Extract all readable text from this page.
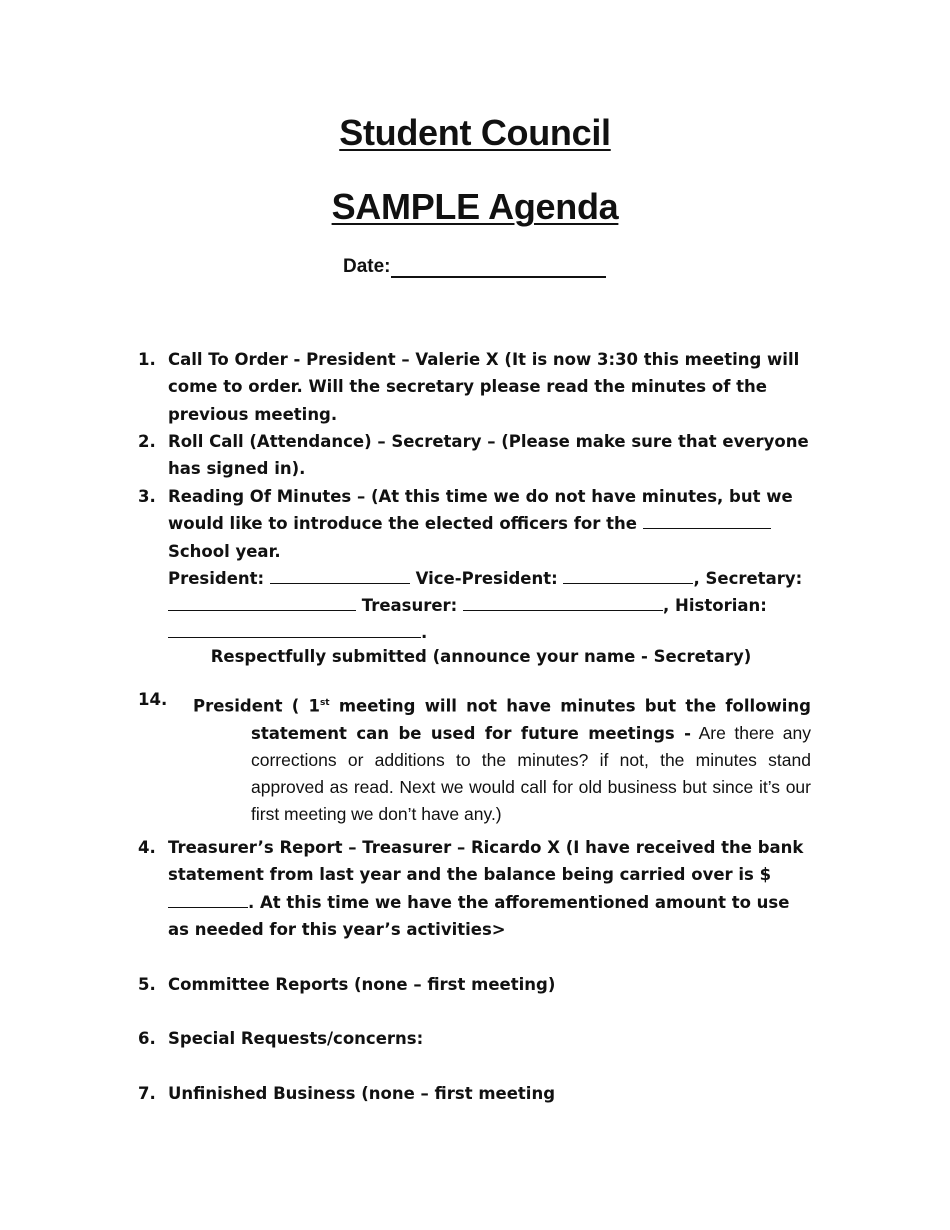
Student Council
SAMPLE Agenda
Date:
1. Call To Order - President – Valerie X (It is now 3:30 this meeting will come to order. Will the secretary please read the minutes of the previous meeting.
2. Roll Call (Attendance) – Secretary – (Please make sure that everyone has signed in).
3. Reading Of Minutes – (At this time we do not have minutes, but we would like to introduce the elected officers for the
School year.
President:	Vice-President:	, Secretary:
Treasurer:	, Historian:
.
Respectfully submitted (announce your name - Secretary)
14. President ( 1st meeting will not have minutes but the following
statement can be used for future meetings - Are there any corrections or additions to the minutes? if not, the minutes stand approved as read. Next we would call for old business but since it’s our first meeting we don’t have any.)
4. Treasurer’s Report – Treasurer – Ricardo X (I have received the bank statement from last year and the balance being carried over is $. At this time we have the afforementioned amount to use as needed for this year’s activities>
5. Committee Reports (none – first meeting)
6. Special Requests/concerns:
7. Unfinished Business (none – first meeting
